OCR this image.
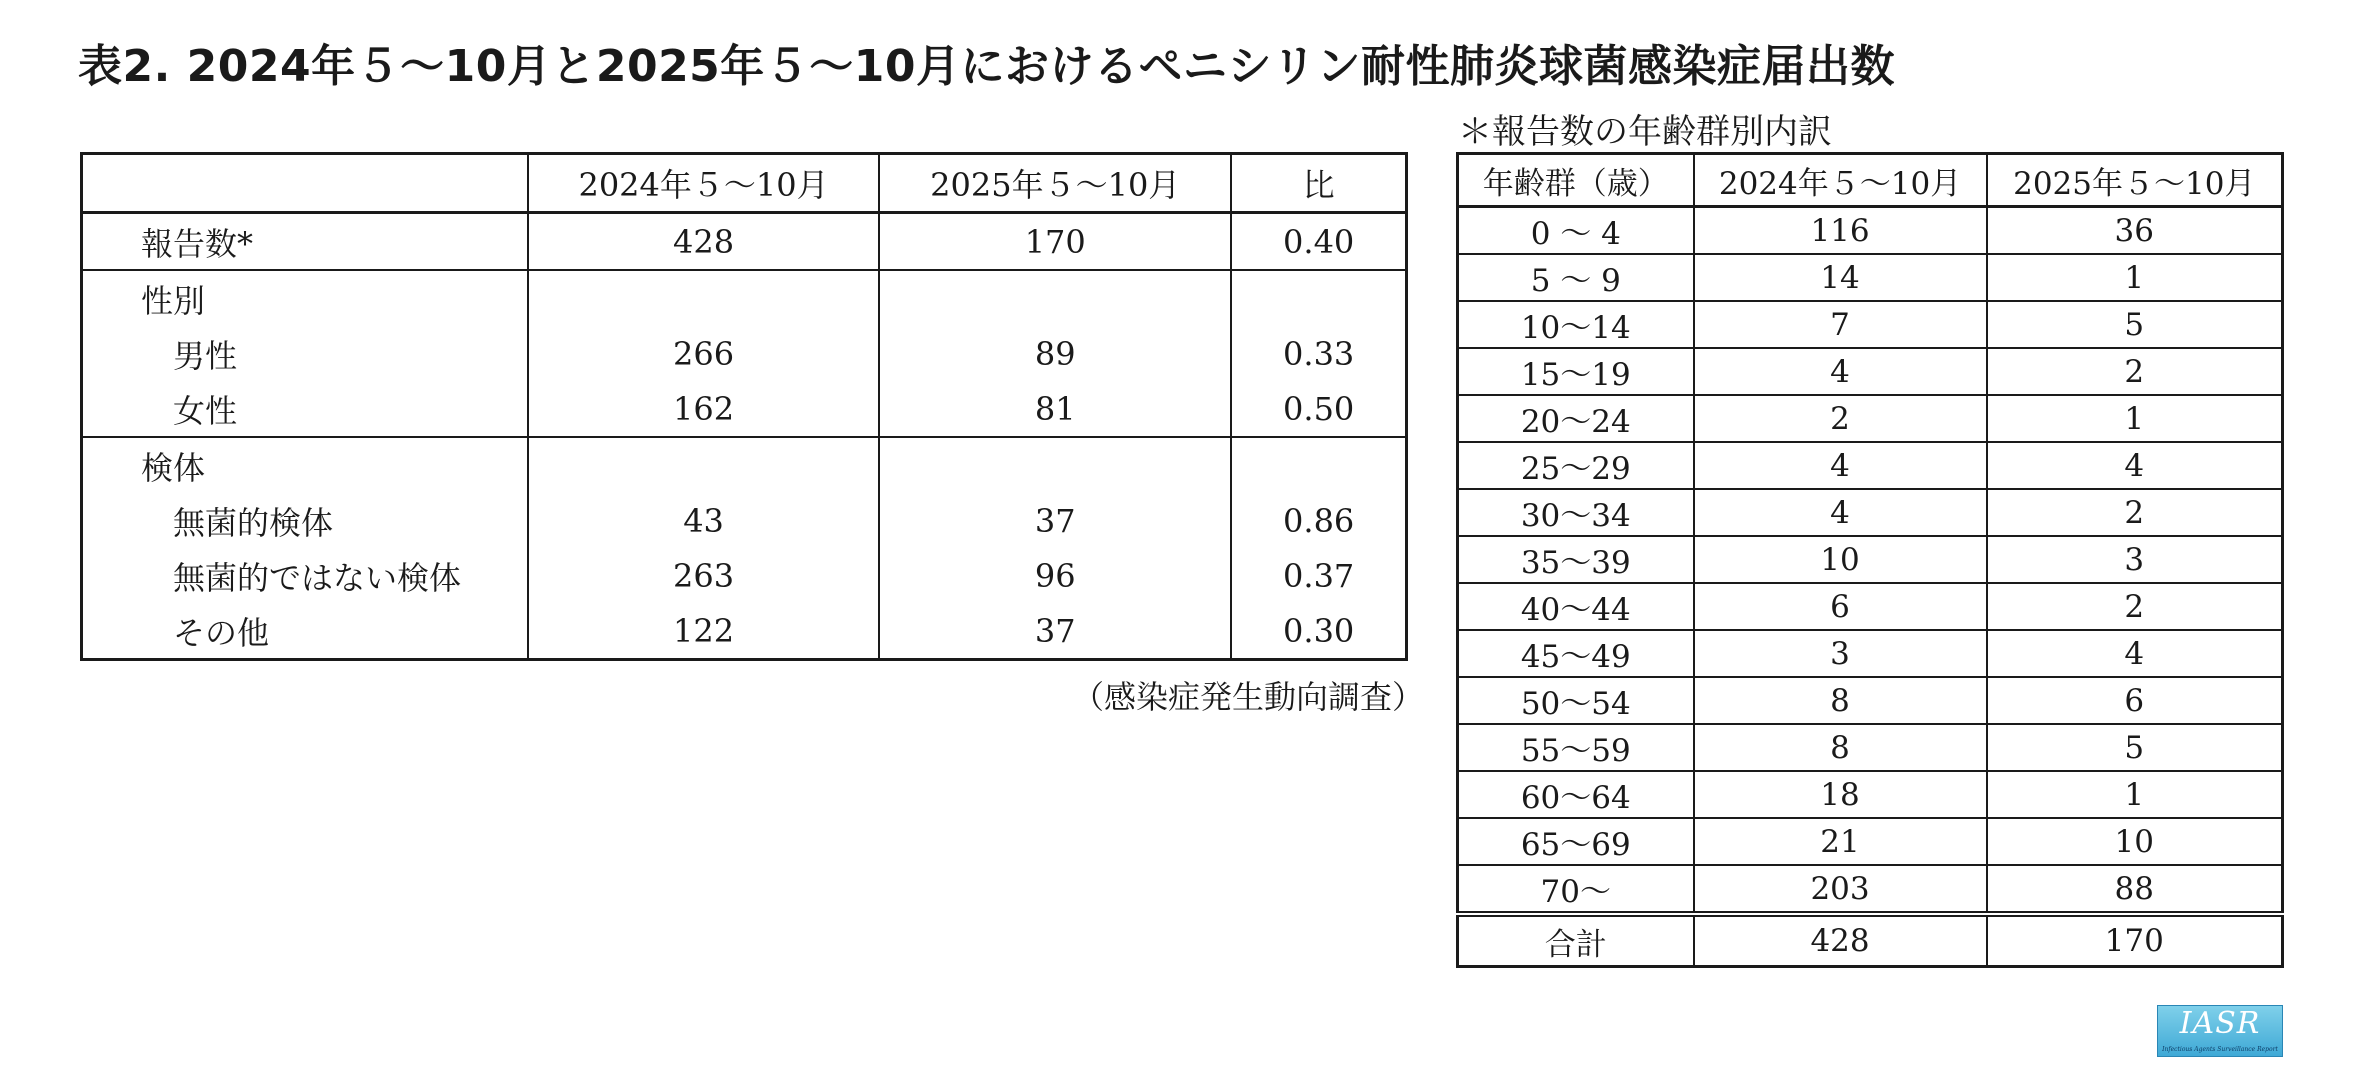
表2. 2024年５～10月と2025年５～10月におけるペニシリン耐性肺炎球菌感染症届出数
	2024年５～10月	2025年５～10月	比
報告数*	428	170	0.40
性別			
男性	266	89	0.33
女性	162	81	0.50
検体			
無菌的検体	43	37	0.86
無菌的ではない検体	263	96	0.37
その他	122	37	0.30
（感染症発生動向調査）
＊報告数の年齢群別内訳
年齢群（歳）	2024年５～10月	2025年５～10月
0 ～ 4	116	36
5 ～ 9	14	1
10～14	7	5
15～19	4	2
20～24	2	1
25～29	4	4
30～34	4	2
35～39	10	3
40～44	6	2
45～49	3	4
50～54	8	6
55～59	8	5
60～64	18	1
65～69	21	10
70～	203	88
合計	428	170
IASR
Infectious Agents Surveillance Report
